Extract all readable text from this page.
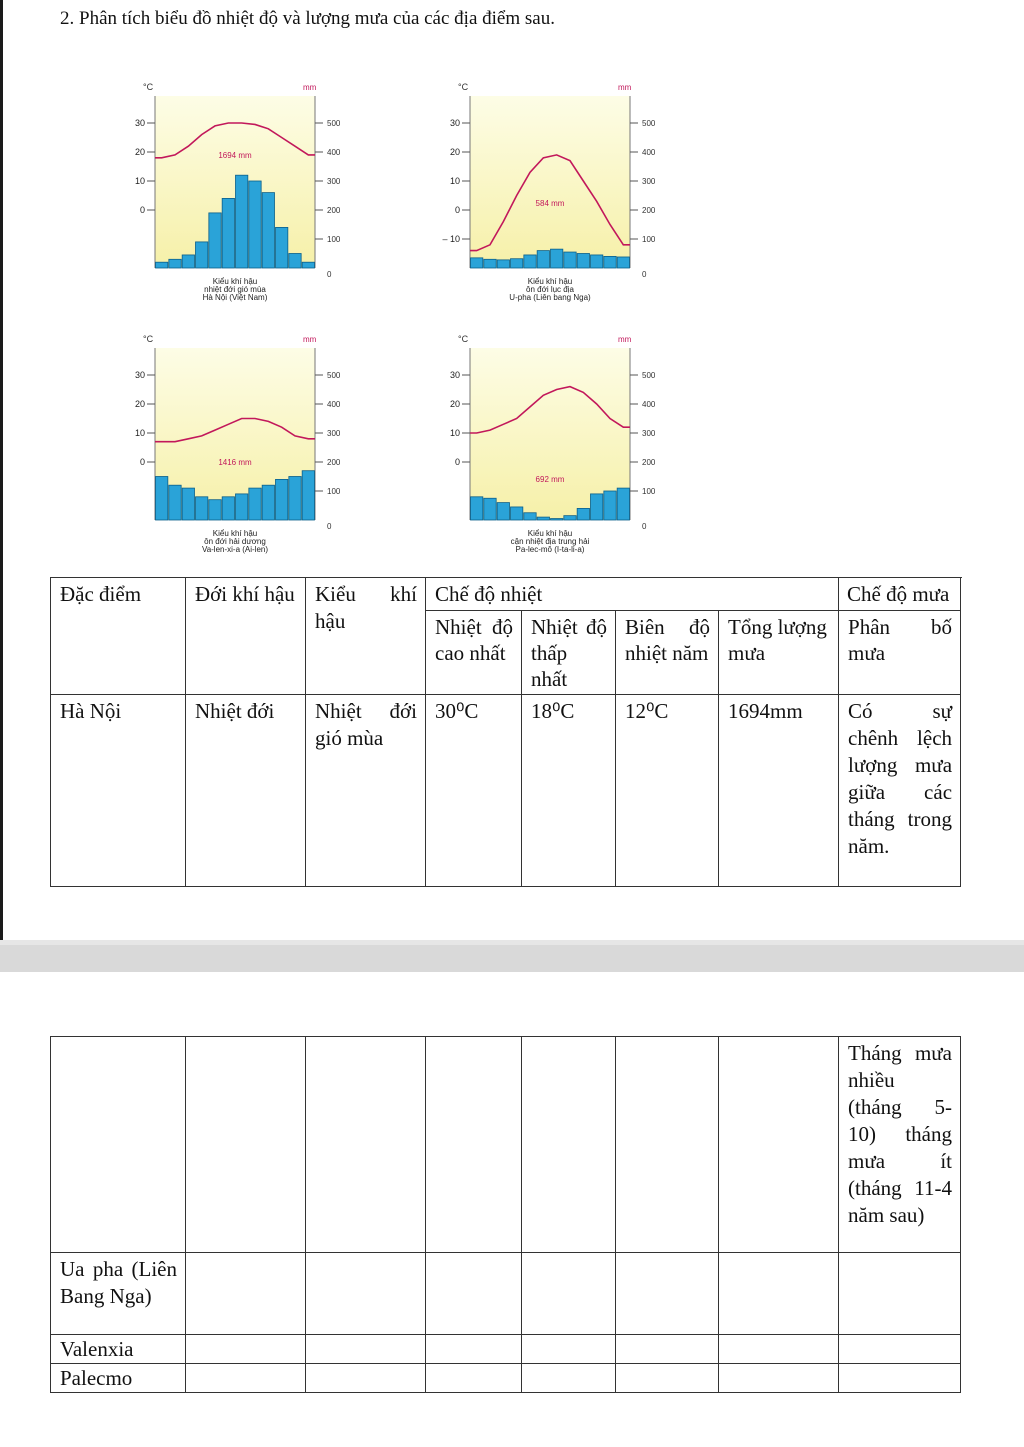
2. Phân tích biểu đồ nhiệt độ và lượng mưa của các địa điểm sau.
°C	mm
30
20
10
0
500
400
300
200
100
0
1694 mm
Kiểu khí hậu
nhiệt đới gió mùa
Hà Nội (Việt Nam)
°C	mm
30
20
10
0
– 10
500
400
300
200
100
0
584 mm
Kiểu khí hậu
ôn đới lục địa
U-pha (Liên bang Nga)
°C	mm
30
20
10
0
500
400
300
200
100
0
1416 mm
Kiểu khí hậu
ôn đới hải dương
Va-len-xi-a (Ai-len)
°C	mm
30
20
10
0
500
400
300
200
100
0
692 mm
Kiểu khí hậu
cận nhiệt địa trung hải
Pa-lec-mô (I-ta-li-a)
Đặc điểm	Đới khí hậu	Kiểu khí hậu	Chế độ nhiệt				Chế độ mưa
			Nhiệt độ cao nhất	Nhiệt độ thấp nhất	Biên độ nhiệt năm	Tổng lượng mưa	Phân bố mưa
Hà Nội	Nhiệt đới	Nhiệt đới gió mùa	30⁰C	18⁰C	12⁰C	1694mm	Có sự chênh lệch lượng mưa giữa các tháng trong năm.
							Tháng mưa nhiều (tháng 5-10) tháng mưa ít (tháng 11-4 năm sau)
Ua pha (Liên Bang Nga)							
Valenxia							
Palecmo							
